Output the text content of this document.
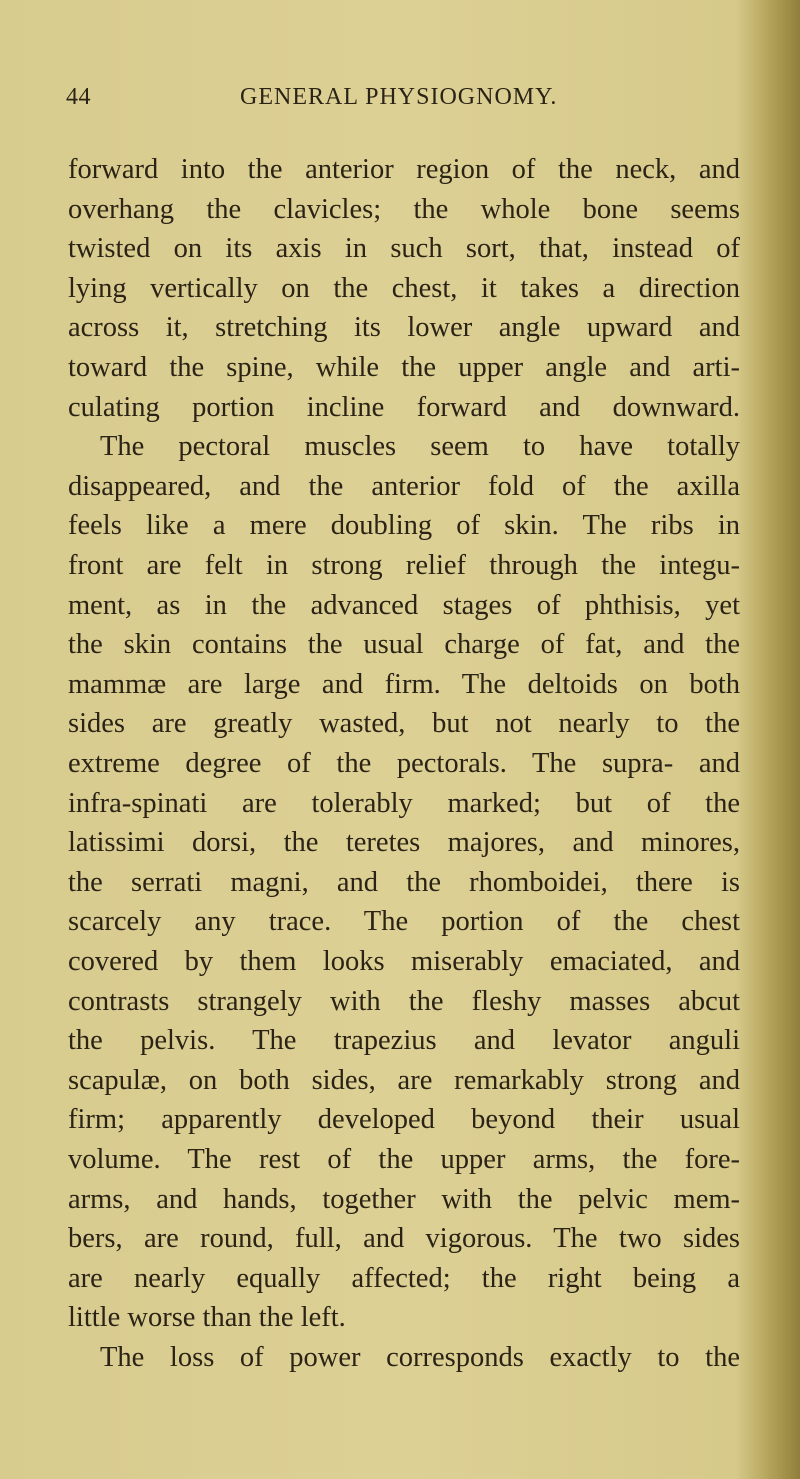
44	GENERAL PHYSIOGNOMY.
forward into the anterior region of the neck, and
overhang the clavicles; the whole bone seems
twisted on its axis in such sort, that, instead of
lying vertically on the chest, it takes a direction
across it, stretching its lower angle upward and
toward the spine, while the upper angle and arti-
culating portion incline forward and downward.
The pectoral muscles seem to have totally
disappeared, and the anterior fold of the axilla
feels like a mere doubling of skin. The ribs in
front are felt in strong relief through the integu-
ment, as in the advanced stages of phthisis, yet
the skin contains the usual charge of fat, and the
mammæ are large and firm. The deltoids on both
sides are greatly wasted, but not nearly to the
extreme degree of the pectorals. The supra- and
infra-spinati are tolerably marked; but of the
latissimi dorsi, the teretes majores, and minores,
the serrati magni, and the rhomboidei, there is
scarcely any trace. The portion of the chest
covered by them looks miserably emaciated, and
contrasts strangely with the fleshy masses abcut
the pelvis. The trapezius and levator anguli
scapulæ, on both sides, are remarkably strong and
firm; apparently developed beyond their usual
volume. The rest of the upper arms, the fore-
arms, and hands, together with the pelvic mem-
bers, are round, full, and vigorous. The two sides
are nearly equally affected; the right being a
little worse than the left.
The loss of power corresponds exactly to the
